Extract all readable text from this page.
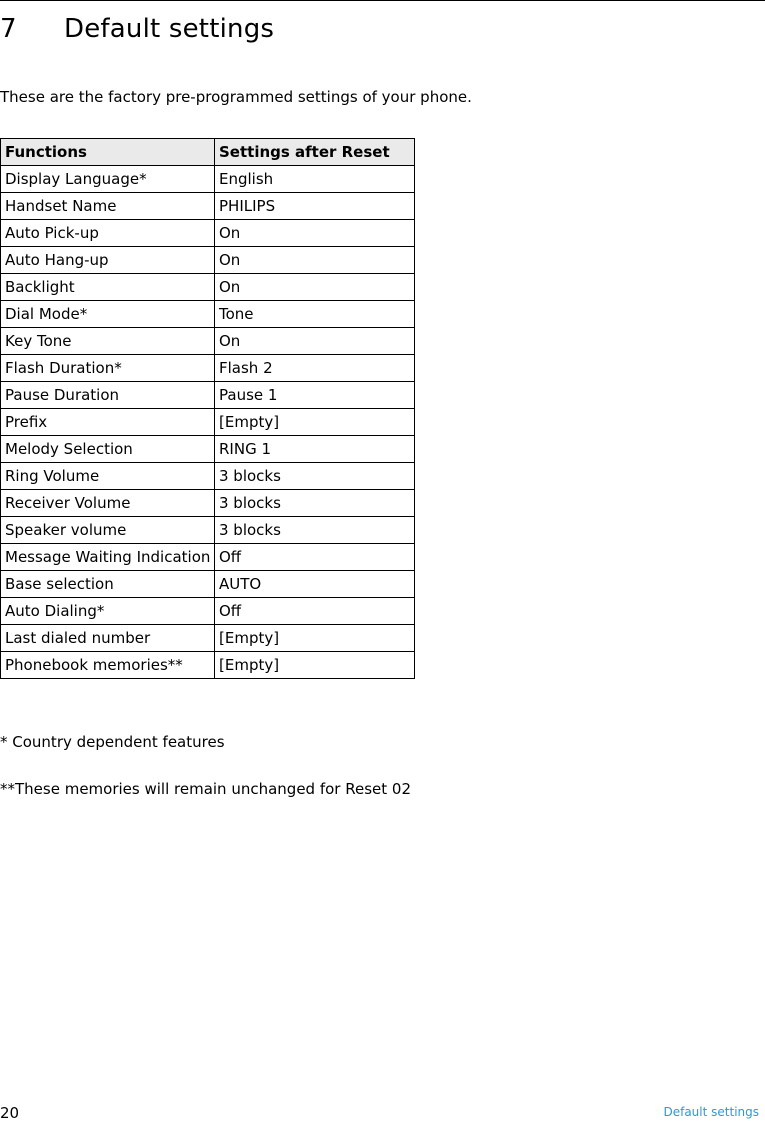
7 Default settings

These are the factory pre-programmed settings of your phone.

Functions	Settings after Reset
Display Language*	English
Handset Name	PHILIPS
Auto Pick-up	On
Auto Hang-up	On
Backlight	On
Dial Mode*	Tone
Key Tone	On
Flash Duration*	Flash 2
Pause Duration	Pause 1
Prefix	[Empty]
Melody Selection	RING 1
Ring Volume	3 blocks
Receiver Volume	3 blocks
Speaker volume	3 blocks
Message Waiting Indication	Off
Base selection	AUTO
Auto Dialing*	Off
Last dialed number	[Empty]
Phonebook memories**	[Empty]

* Country dependent features

**These memories will remain unchanged for Reset 02

20	Default settings
